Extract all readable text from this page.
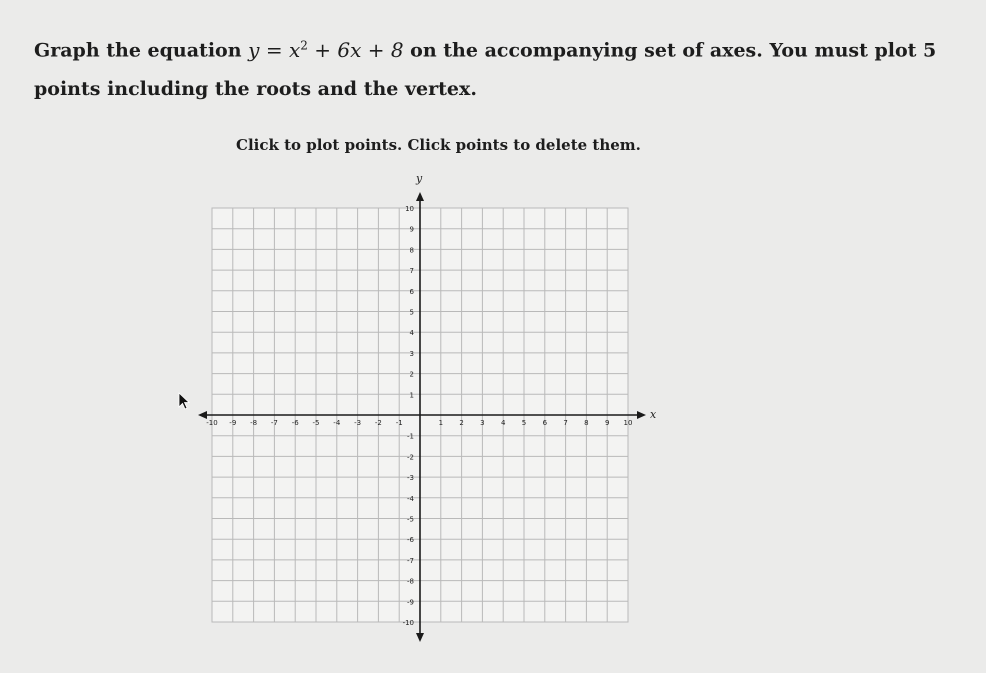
Graph the equation $y = x^2 + 6x + 8$ on the accompanying set of axes. You must plot 5 points including the roots and the vertex.
Click to plot points. Click points to delete them.
-10 -9 -8 -7 -6 -5 -4 -3 -2 -1	1 2 3 4 5 6 7 8 9 10
10
9
8
7
6
5
4
3
2
1
-1
-2
-3
-4
-5
-6
-7
-8
-9
-10
x
y
